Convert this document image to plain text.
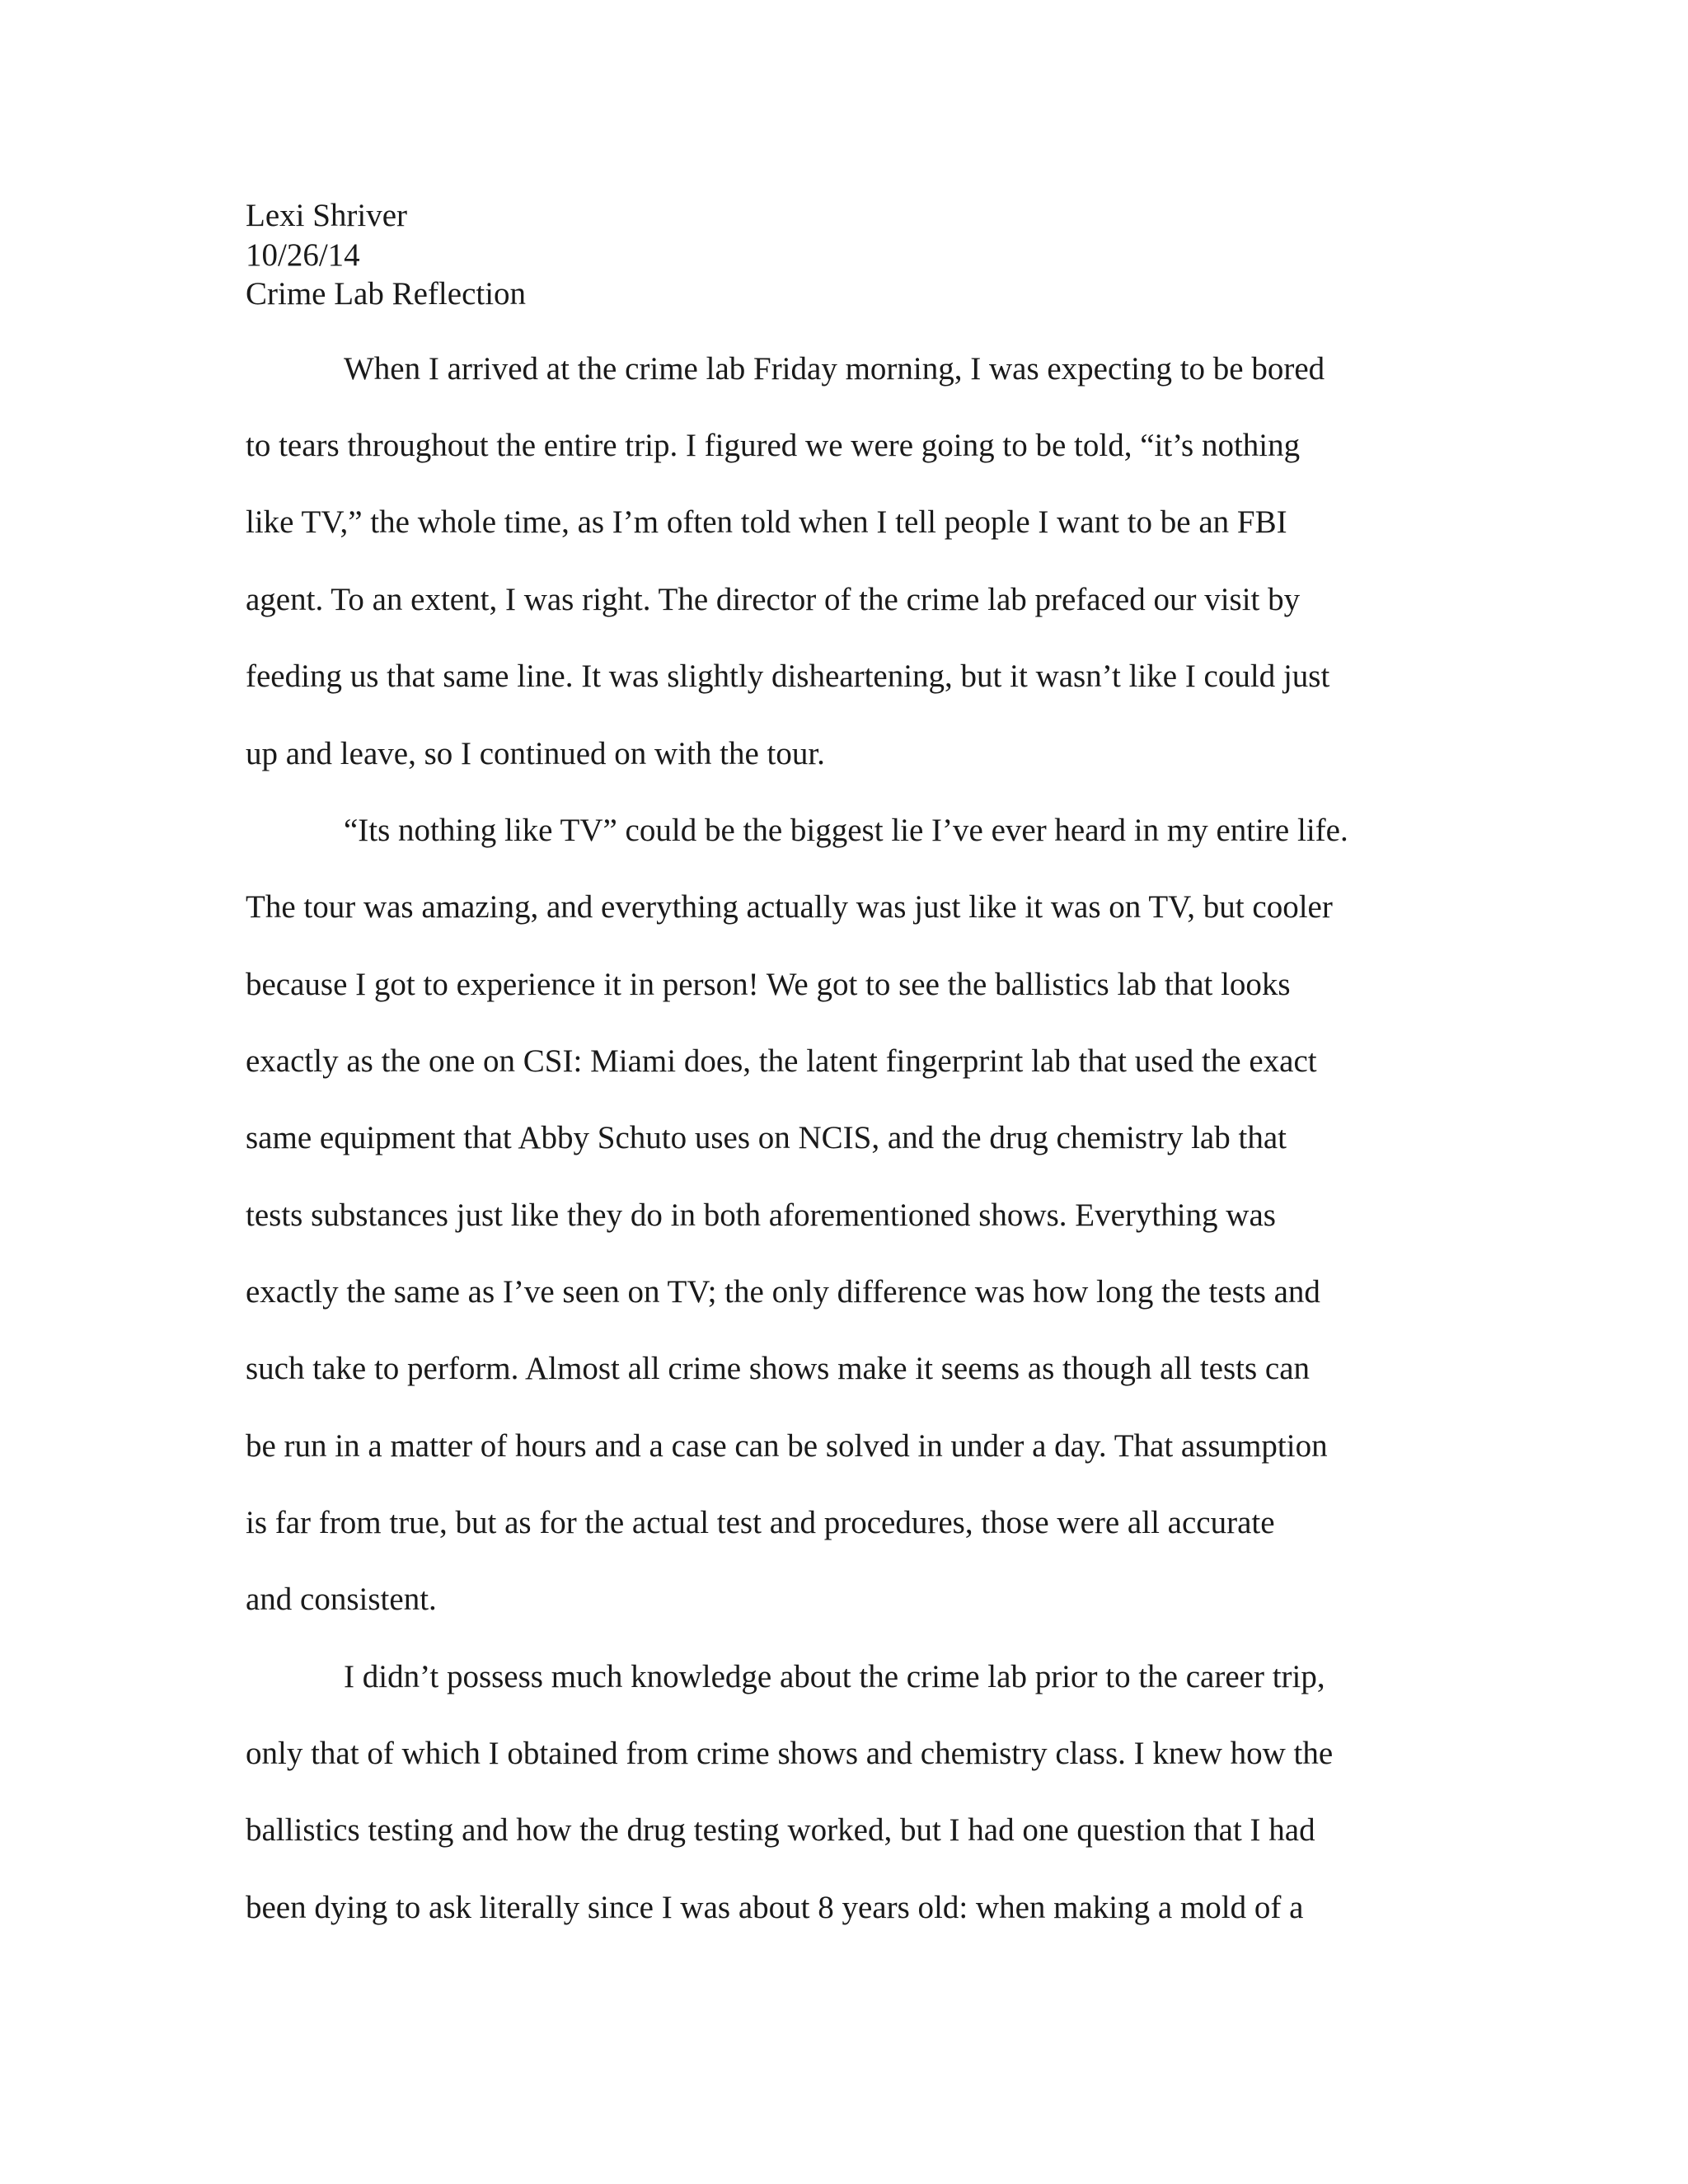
Lexi Shriver
10/26/14
Crime Lab Reflection
When I arrived at the crime lab Friday morning, I was expecting to be bored
to tears throughout the entire trip. I figured we were going to be told, “it’s nothing
like TV,” the whole time, as I’m often told when I tell people I want to be an FBI
agent. To an extent, I was right. The director of the crime lab prefaced our visit by
feeding us that same line. It was slightly disheartening, but it wasn’t like I could just
up and leave, so I continued on with the tour.
“Its nothing like TV” could be the biggest lie I’ve ever heard in my entire life.
The tour was amazing, and everything actually was just like it was on TV, but cooler
because I got to experience it in person! We got to see the ballistics lab that looks
exactly as the one on CSI: Miami does, the latent fingerprint lab that used the exact
same equipment that Abby Schuto uses on NCIS, and the drug chemistry lab that
tests substances just like they do in both aforementioned shows. Everything was
exactly the same as I’ve seen on TV; the only difference was how long the tests and
such take to perform. Almost all crime shows make it seems as though all tests can
be run in a matter of hours and a case can be solved in under a day. That assumption
is far from true, but as for the actual test and procedures, those were all accurate
and consistent.
I didn’t possess much knowledge about the crime lab prior to the career trip,
only that of which I obtained from crime shows and chemistry class. I knew how the
ballistics testing and how the drug testing worked, but I had one question that I had
been dying to ask literally since I was about 8 years old: when making a mold of a
